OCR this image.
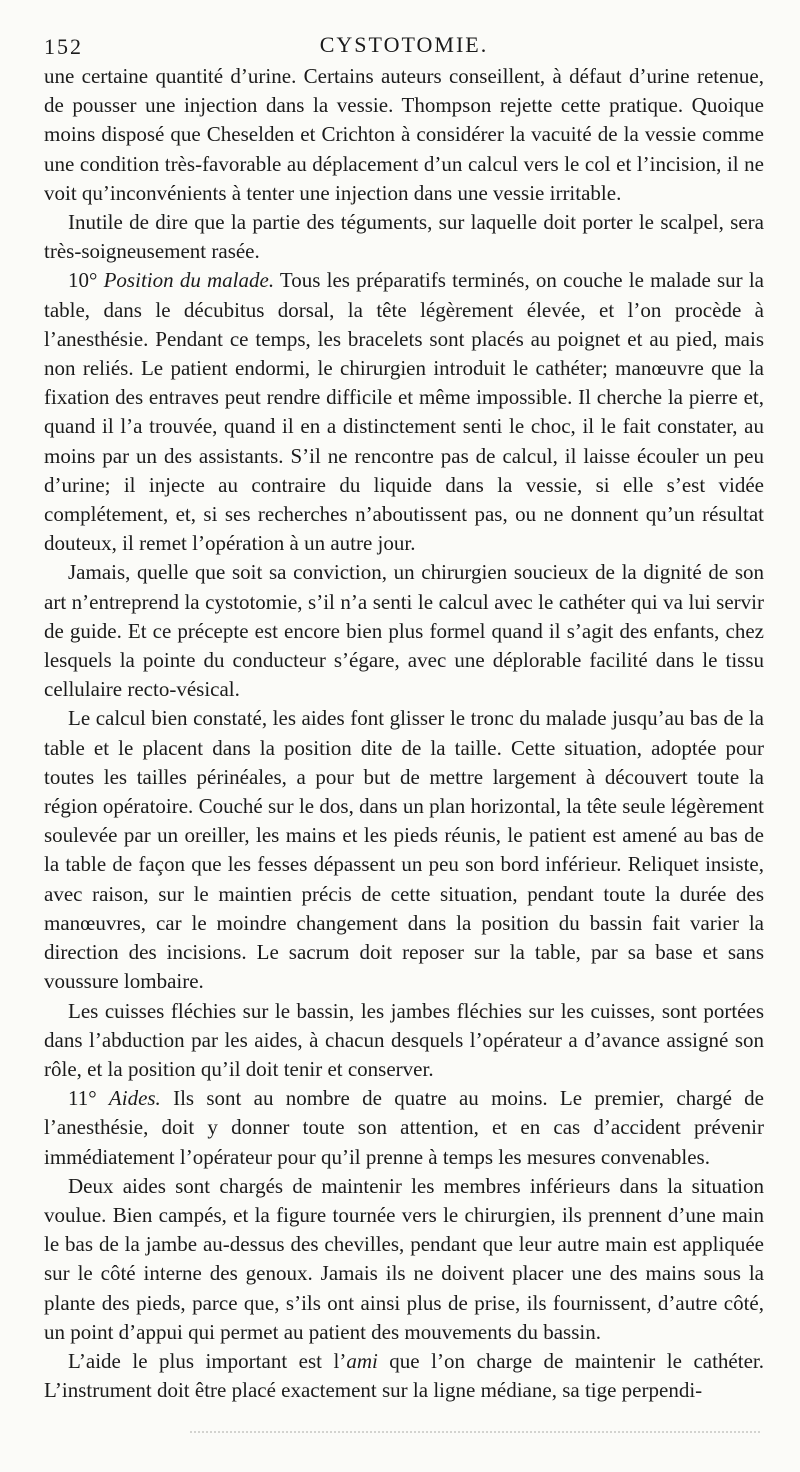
152	CYSTOTOMIE.

une certaine quantité d’urine. Certains auteurs conseillent, à défaut d’urine retenue, de pousser une injection dans la vessie. Thompson rejette cette pratique. Quoique moins disposé que Cheselden et Crichton à considérer la vacuité de la vessie comme une condition très-favorable au déplacement d’un calcul vers le col et l’incision, il ne voit qu’inconvénients à tenter une injection dans une vessie irritable.

Inutile de dire que la partie des téguments, sur laquelle doit porter le scalpel, sera très-soigneusement rasée.

10° Position du malade. Tous les préparatifs terminés, on couche le malade sur la table, dans le décubitus dorsal, la tête légèrement élevée, et l’on procède à l’anesthésie. Pendant ce temps, les bracelets sont placés au poignet et au pied, mais non reliés. Le patient endormi, le chirurgien introduit le cathéter; manœuvre que la fixation des entraves peut rendre difficile et même impossible. Il cherche la pierre et, quand il l’a trouvée, quand il en a distinctement senti le choc, il le fait constater, au moins par un des assistants. S’il ne rencontre pas de calcul, il laisse écouler un peu d’urine; il injecte au contraire du liquide dans la vessie, si elle s’est vidée complétement, et, si ses recherches n’aboutissent pas, ou ne donnent qu’un résultat douteux, il remet l’opération à un autre jour.

Jamais, quelle que soit sa conviction, un chirurgien soucieux de la dignité de son art n’entreprend la cystotomie, s’il n’a senti le calcul avec le cathéter qui va lui servir de guide. Et ce précepte est encore bien plus formel quand il s’agit des enfants, chez lesquels la pointe du conducteur s’égare, avec une déplorable facilité dans le tissu cellulaire recto-vésical.

Le calcul bien constaté, les aides font glisser le tronc du malade jusqu’au bas de la table et le placent dans la position dite de la taille. Cette situation, adoptée pour toutes les tailles périnéales, a pour but de mettre largement à découvert toute la région opératoire. Couché sur le dos, dans un plan horizontal, la tête seule légèrement soulevée par un oreiller, les mains et les pieds réunis, le patient est amené au bas de la table de façon que les fesses dépassent un peu son bord inférieur. Reliquet insiste, avec raison, sur le maintien précis de cette situation, pendant toute la durée des manœuvres, car le moindre changement dans la position du bassin fait varier la direction des incisions. Le sacrum doit reposer sur la table, par sa base et sans voussure lombaire.

Les cuisses fléchies sur le bassin, les jambes fléchies sur les cuisses, sont portées dans l’abduction par les aides, à chacun desquels l’opérateur a d’avance assigné son rôle, et la position qu’il doit tenir et conserver.

11° Aides. Ils sont au nombre de quatre au moins. Le premier, chargé de l’anesthésie, doit y donner toute son attention, et en cas d’accident prévenir immédiatement l’opérateur pour qu’il prenne à temps les mesures convenables.

Deux aides sont chargés de maintenir les membres inférieurs dans la situation voulue. Bien campés, et la figure tournée vers le chirurgien, ils prennent d’une main le bas de la jambe au-dessus des chevilles, pendant que leur autre main est appliquée sur le côté interne des genoux. Jamais ils ne doivent placer une des mains sous la plante des pieds, parce que, s’ils ont ainsi plus de prise, ils fournissent, d’autre côté, un point d’appui qui permet au patient des mouvements du bassin.

L’aide le plus important est l’ami que l’on charge de maintenir le cathéter. L’instrument doit être placé exactement sur la ligne médiane, sa tige perpendi-
